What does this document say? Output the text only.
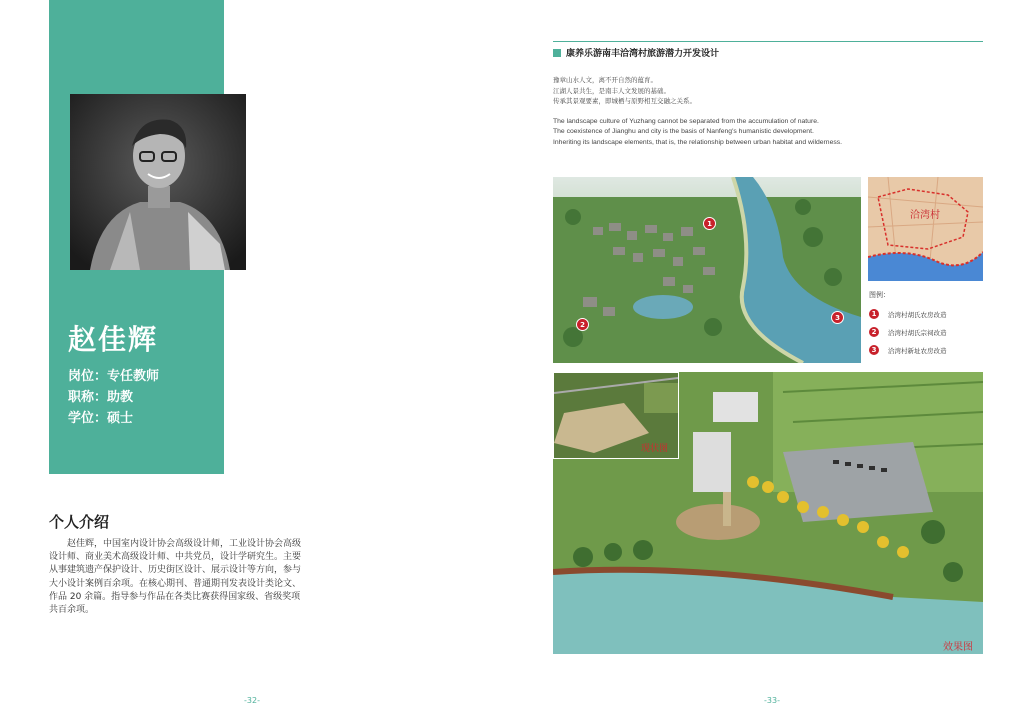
赵佳辉
岗位：专任教师
职称：助教
学位：硕士
个人介绍
赵佳辉，中国室内设计协会高级设计师，工业设计协会高级设计师、商业美术高级设计师、中共党员，设计学研究生。主要从事建筑遗产保护设计、历史街区设计、展示设计等方向，参与大小设计案例百余项。在核心期刊、普通期刊发表设计类论文、作品 20 余篇。指导参与作品在各类比赛获得国家级、省级奖项共百余项。
-32-
康养乐游南丰洽湾村旅游潜力开发设计
豫章山水人文，离不开自然的蕴育。
江湖人景共生，是南丰人文发展的基础。
传承其景观要素，即城栖与原野相互交融之关系。
The landscape culture of Yuzhang cannot be separated from the accumulation of nature.
The coexistence of Jianghu and city is the basis of Nanfeng's humanistic development.
Inheriting its landscape elements, that is, the relationship between urban habitat and wilderness.
1
2
3
洽湾村
图例：
1	洽湾村胡氏农房改造
2	洽湾村胡氏宗祠改造
3	洽湾村新址农房改造
现状图
效果图
-33-
